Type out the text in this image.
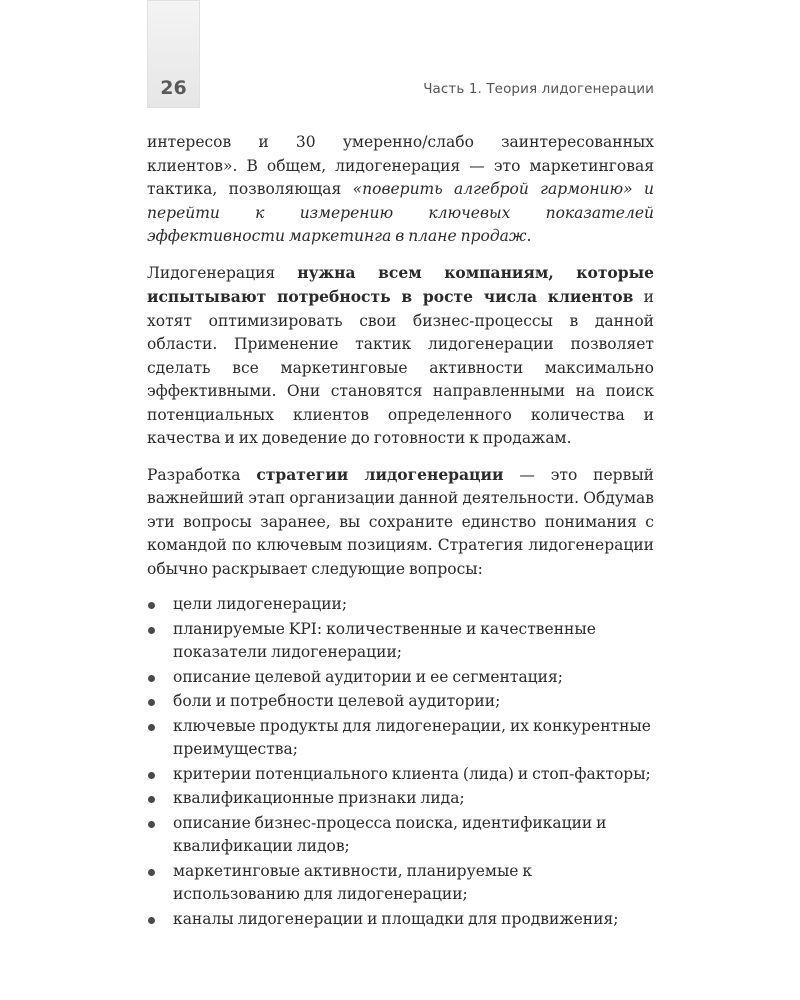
26	Часть 1. Теория лидогенерации

интересов и 30 умеренно/слабо заинтересованных клиентов». В общем, лидогенерация — это маркетинговая тактика, позволяющая «поверить алгеброй гармонию» и перейти к измерению ключевых показателей эффективности маркетинга в плане продаж.

Лидогенерация нужна всем компаниям, которые испытывают потребность в росте числа клиентов и хотят оптимизировать свои бизнес-процессы в данной области. Применение тактик лидогенерации позволяет сделать все маркетинговые активности максимально эффективными. Они становятся направленными на поиск потенциальных клиентов определенного количества и качества и их доведение до готовности к продажам.

Разработка стратегии лидогенерации — это первый важнейший этап организации данной деятельности. Обдумав эти вопросы заранее, вы сохраните единство понимания с командой по ключевым позициям. Стратегия лидогенерации обычно раскрывает следующие вопросы:

цели лидогенерации;
планируемые KPI: количественные и качественные показатели лидогенерации;
описание целевой аудитории и ее сегментация;
боли и потребности целевой аудитории;
ключевые продукты для лидогенерации, их конкурентные преимущества;
критерии потенциального клиента (лида) и стоп-факторы;
квалификационные признаки лида;
описание бизнес-процесса поиска, идентификации и квалификации лидов;
маркетинговые активности, планируемые к использованию для лидогенерации;
каналы лидогенерации и площадки для продвижения;
